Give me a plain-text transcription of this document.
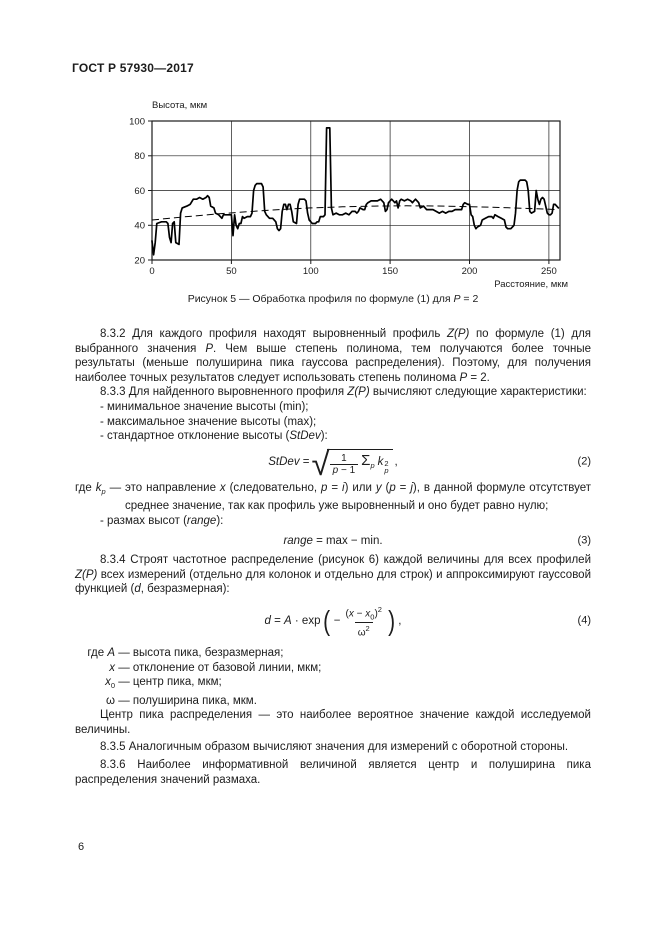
ГОСТ Р 57930—2017
0	50	100	150	200	250
20
40
60
80
100
Высота, мкм
Расстояние, мкм
Рисунок 5 — Обработка профиля по формуле (1) для P = 2

8.3.2 Для каждого профиля находят выровненный профиль Z(P) по формуле (1) для выбранного значения P. Чем выше степень полинома, тем получаются более точные результаты (меньше полуширина пика гауссова распределения). Поэтому, для получения наиболее точных результатов следует использовать степень полинома P = 2.

8.3.3 Для найденного выровненного профиля Z(P) вычисляют следующие характеристики:

- минимальное значение высоты (min);

- максимальное значение высоты (max);

- стандартное отклонение высоты (StDev):

StDev = √ $\frac{1}{p - 1} \Sigma_p$ k 2
p
,	(2)

где $k_p$ — это направление x (следовательно, p = i) или y (p = j), в данной формуле отсутствует среднее значение, так как профиль уже выровненный и оно будет равно нулю;

- размах высот (range):

range = max − min.	(3)

8.3.4 Строят частотное распределение (рисунок 6) каждой величины для всех профилей Z(P) всех измерений (отдельно для колонок и отдельно для строк) и аппроксимируют гауссовой функцией (d, безразмерная):

d = A · exp ( − $\frac{(x - x_0)^2}{\omega^2}$ ) ,	(4)
где A — высота пика, безразмерная;
x — отклонение от базовой линии, мкм;
$x_0$ — центр пика, мкм;
ω — полуширина пика, мкм.

Центр пика распределения — это наиболее вероятное значение каждой исследуемой величины.

8.3.5 Аналогичным образом вычисляют значения для измерений с оборотной стороны.

8.3.6 Наиболее информативной величиной является центр и полуширина пика распределения значений размаха.

6
